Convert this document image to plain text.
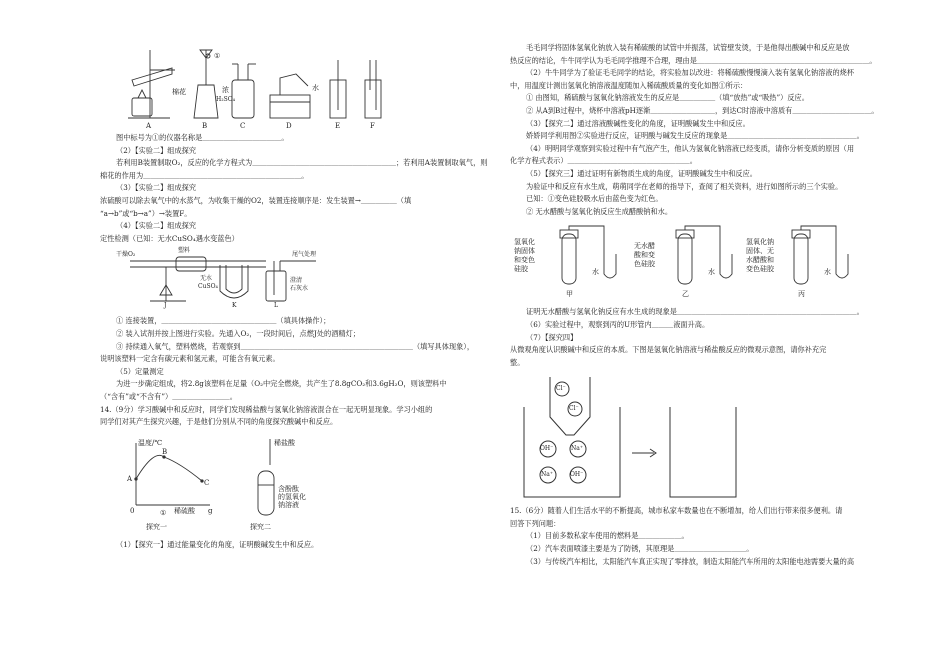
棉花
①
浓
H₂SO₄
水
A	B	C	D	E	F
图中标号为①的仪器名称是＿＿＿＿＿＿＿＿＿＿＿。
（2）【实验二】组成探究
若利用B装置制取O₂，反应的化学方程式为＿＿＿＿＿＿＿＿＿＿＿＿＿＿＿＿＿＿＿＿；若利用A装置制取氧气，则
棉花的作用为＿＿＿＿＿＿＿＿＿＿＿＿＿＿＿＿＿＿＿＿＿＿。
（3）【实验二】组成探究
浓硫酸可以除去氧气中的水蒸气，为收集干燥的O2，装置连接顺序是：发生装置→＿＿＿＿＿（填
“a→b”或“b→a”）→装置F。
（4）【实验二】组成探究
定性检测（已知：无水CuSO₄遇水变蓝色）
干燥O₂
塑料
无水
CuSO₄
尾气处理
澄清
石灰水
J	K	L
① 连接装置，＿＿＿＿＿＿＿＿＿＿＿＿＿＿＿＿（填具体操作）；
② 装入试剂并按上图进行实验。先通入O₂，一段时间后，点燃J处的酒精灯；
③ 持续通入氧气，塑料燃烧，若观察到＿＿＿＿＿＿＿＿＿＿＿＿＿＿＿＿＿＿＿＿＿＿＿＿（填写具体现象），
说明该塑料一定含有碳元素和氢元素，可能含有氧元素。
（5）定量测定
为进一步确定组成，将2.8g该塑料在足量（O₂中完全燃烧，共产生了8.8gCO₂和3.6gH₂O，则该塑料中
（“含有”或“不含有”）＿＿＿＿＿＿＿＿。
14.（9分）学习酸碱中和反应时，同学们发现稀盐酸与氢氧化钠溶液混合在一起无明显现象。学习小组的
同学们对其产生探究兴趣，于是他们分别从不同的角度探究酸碱中和反应。
温度/℃
B
A	C
0	稀硫酸 g
①
稀盐酸
含酚酞
的氢氧化
钠溶液
探究一	探究二
（1）【探究一】通过能量变化的角度，证明酸碱发生中和反应。
毛毛同学将固体氢氧化钠放入装有稀硫酸的试管中并振荡，试管壁发烫，于是他得出酸碱中和反应是放
热反应的结论，牛牛同学认为毛毛同学推理不合理，理由是＿＿＿＿＿＿＿＿＿＿＿＿＿＿＿＿＿＿＿＿＿＿＿＿。
（2）牛牛同学为了验证毛毛同学的结论，将实验加以改进：将稀硫酸慢慢滴入装有氢氧化钠溶液的烧杯
中，用温度计测出氢氧化钠溶液温度随加入稀硫酸质量的变化如图①所示：
① 由图知，稀硫酸与氢氧化钠溶液发生的反应是＿＿＿＿＿（填“放热”或“吸热”）反应。
② 从A到B过程中，烧杯中溶液pH逐渐＿＿＿＿＿＿＿＿＿，到达C时溶液中溶质有＿＿＿＿＿＿＿＿＿＿＿。
（3）【探究二】通过溶液酸碱性变化的角度，证明酸碱发生中和反应。
娇娇同学利用图②实验进行反应，证明酸与碱发生反应的现象是＿＿＿＿＿＿＿＿＿＿＿＿＿＿＿＿＿＿。
（4）明明同学观察到实验过程中有气泡产生，他认为氢氧化钠溶液已经变质，请你分析变质的原因（用
化学方程式表示）＿＿＿＿＿＿＿＿＿＿＿＿＿＿＿＿＿。
（5）【探究三】通过证明有新物质生成的角度，证明酸碱发生中和反应。
为验证中和反应有水生成，萌萌同学在老师的指导下，查阅了相关资料，进行如图所示的三个实验。
已知：①变色硅胶吸水后由蓝色变为红色。
② 无水醋酸与氢氧化钠反应生成醋酸钠和水。
氢氧化
钠固体
和变色
硅胶	水
甲
无水醋
酸和变
色硅胶
水
乙
氢氧化钠
固体、无
水醋酸和
变色硅胶	水
丙
证明无水醋酸与氢氧化钠反应有水生成的现象是＿＿＿＿＿＿＿＿＿＿＿＿＿＿＿＿＿＿＿＿＿＿＿＿＿。
（6）实验过程中，观察到丙的U形管内＿＿＿液面升高。
（7）【探究四】
从微观角度认识酸碱中和反应的本质。下图是氢氧化钠溶液与稀盐酸反应的微观示意图，请你补充完
整。
Cl⁻
Cl⁻
OH⁻	Na⁺
Na⁺	OH⁻
15.（6分）随着人们生活水平的不断提高，城市私家车数量也在不断增加，给人们出行带来很多便利。请
回答下列问题：
（1）目前多数私家车使用的燃料是＿＿＿＿＿＿。
（2）汽车表面喷漆主要是为了防锈，其原理是＿＿＿＿＿＿＿＿＿＿。
（3）与传统汽车相比，太阳能汽车真正实现了零排放，制造太阳能汽车所用的太阳能电池需要大量的高
